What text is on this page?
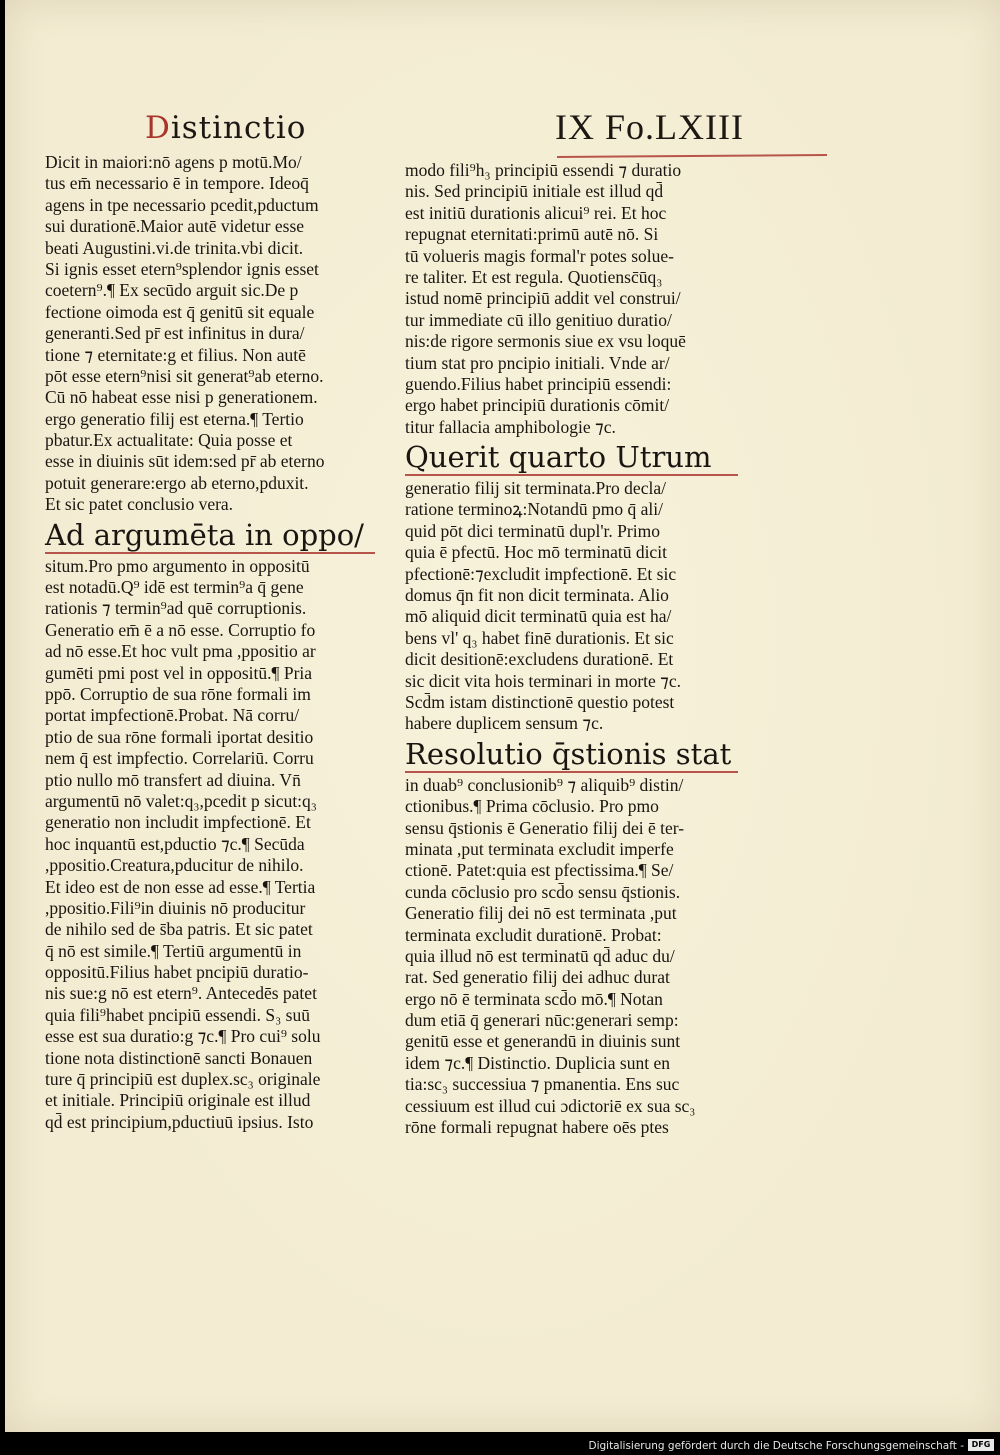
Distinctio	IX Fo.LXIII
Dicit in maiori:nō agens p motū.Mo/
tus em̄ necessario ē in tempore. Ideoq̄
agens in tpe necessario pcedit,pductum
sui durationē.Maior autē videtur esse
beati Augustini.vi.de trinita.vbi dicit.
Si ignis esset etern⁹splendor ignis esset
coetern⁹.¶ Ex secūdo arguit sic.De p
fectione oimoda est q̄ genitū sit equale
generanti.Sed pr̄ est infinitus in dura/
tione ⁊ eternitate:g et filius. Non autē
pōt esse etern⁹nisi sit generat⁹ab eterno.
Cū nō habeat esse nisi p generationem.
ergo generatio filij est eterna.¶ Tertio
pbatur.Ex actualitate: Quia posse et
esse in diuinis sūt idem:sed pr̄ ab eterno
potuit generare:ergo ab eterno,pduxit.
Et sic patet conclusio vera.
Ad argumēta in oppo/
situm.Pro pmo argumento in oppositū
est notadū.Q⁹ idē est termin⁹a q̄ gene
rationis ⁊ termin⁹ad quē corruptionis.
Generatio em̄ ē a nō esse. Corruptio fo
ad nō esse.Et hoc vult pma ,ppositio ar
gumēti pmi post vel in oppositū.¶ Pria
ppō. Corruptio de sua rōne formali im
portat impfectionē.Probat. Nā corru/
ptio de sua rōne formali iportat desitio
nem q̄ est impfectio. Correlariū. Corru
ptio nullo mō transfert ad diuina. Vn̄
argumentū nō valet:q₃,pcedit p sicut:q₃
generatio non includit impfectionē. Et
hoc inquantū est,pductio ⁊c.¶ Secūda
,ppositio.Creatura,pducitur de nihilo.
Et ideo est de non esse ad esse.¶ Tertia
,ppositio.Fili⁹in diuinis nō producitur
de nihilo sed de s̄ba patris. Et sic patet
q̄ nō est simile.¶ Tertiū argumentū in
oppositū.Filius habet pncipiū duratio-
nis sue:g nō est etern⁹. Antecedēs patet
quia fili⁹habet pncipiū essendi. S₃ suū
esse est sua duratio:g ⁊c.¶ Pro cui⁹ solu
tione nota distinctionē sancti Bonauen
ture q̄ principiū est duplex.sc₃ originale
et initiale. Principiū originale est illud
qd̄ est principium,pductiuū ipsius. Isto
modo fili⁹h₃ principiū essendi ⁊ duratio
nis. Sed principiū initiale est illud qd̄
est initiū durationis alicui⁹ rei. Et hoc
repugnat eternitati:primū autē nō. Si
tū volueris magis formal'r potes solue-
re taliter. Et est regula. Quotiensc̄ūq₃
istud nomē principiū addit vel construi/
tur immediate cū illo genitiuo duratio/
nis:de rigore sermonis siue ex vsu loquē
tium stat pro pncipio initiali. Vnde ar/
guendo.Filius habet principiū essendi:
ergo habet principiū durationis cōmit/
titur fallacia amphibologie ⁊c.
Querit quarto Utrum
generatio filij sit terminata.Pro decla/
ratione terminoꝝ:Notandū pmo q̄ ali/
quid pōt dici terminatū dupl'r. Primo
quia ē pfectū. Hoc mō terminatū dicit
pfectionē:⁊excludit impfectionē. Et sic
domus q̄n fit non dicit terminata. Alio
mō aliquid dicit terminatū quia est ha/
bens vl' q₃ habet finē durationis. Et sic
dicit desitionē:excludens durationē. Et
sic dicit vita hois terminari in morte ⁊c.
Scd̄m istam distinctionē questio potest
habere duplicem sensum ⁊c.
Resolutio q̄stionis stat
in duab⁹ conclusionib⁹ ⁊ aliquib⁹ distin/
ctionibus.¶ Prima cōclusio. Pro pmo
sensu q̄stionis ē Generatio filij dei ē ter-
minata ,put terminata excludit imperfe
ctionē. Patet:quia est pfectissima.¶ Se/
cunda cōclusio pro scd̄o sensu q̄stionis.
Generatio filij dei nō est terminata ,put
terminata excludit durationē. Probat:
quia illud nō est terminatū qd̄ aduc du/
rat. Sed generatio filij dei adhuc durat
ergo nō ē terminata scd̄o mō.¶ Notan
dum etiā q̄ generari nūc:generari semp:
genitū esse et generandū in diuinis sunt
idem ⁊c.¶ Distinctio. Duplicia sunt en
tia:sc₃ successiua ⁊ pmanentia. Ens suc
cessiuum est illud cui ɔdictoriē ex sua sc₃
rōne formali repugnat habere oēs ptes
Digitalisierung gefördert durch die Deutsche Forschungsgemeinschaft - DFG
